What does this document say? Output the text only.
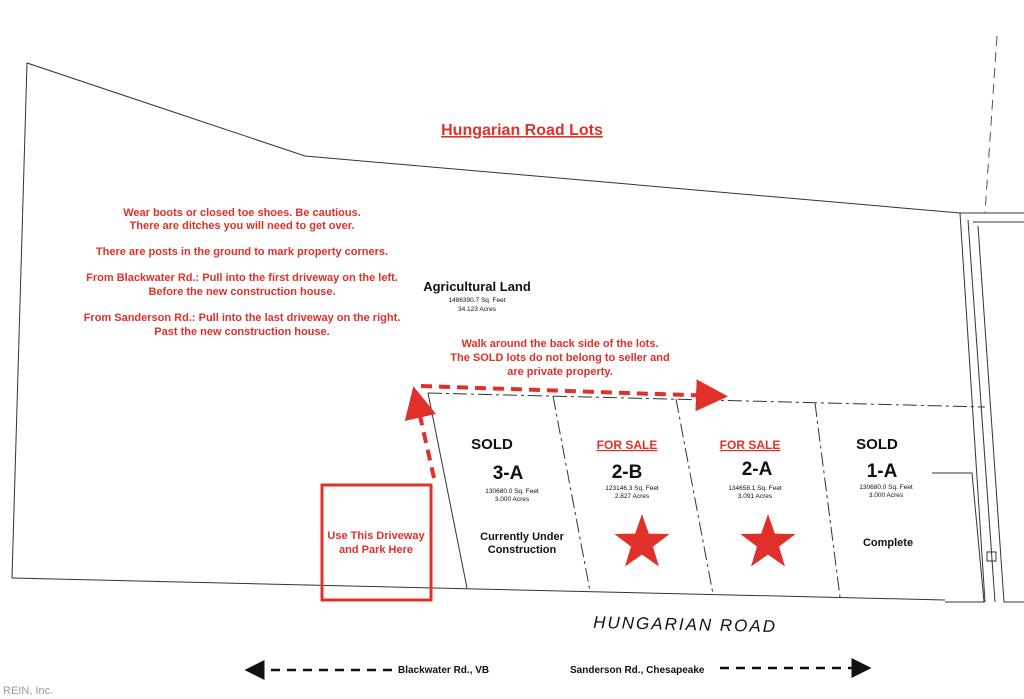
Hungarian Road Lots
Wear boots or closed toe shoes. Be cautious.
There are ditches you will need to get over.
There are posts in the ground to mark property corners.
From Blackwater Rd.: Pull into the first driveway on the left.
Before the new construction house.
From Sanderson Rd.: Pull into the last driveway on the right.
Past the new construction house.
Agricultural Land
1486390.7 Sq. Feet
34.123 Acres
Walk around the back side of the lots.
The SOLD lots do not belong to seller and
are private property.
Use This Driveway
and Park Here
SOLD
3-A
130680.0 Sq. Feet
3.000 Acres
Currently Under
Construction
FOR SALE
2-B
123146.3 Sq. Feet
2.827 Acres
FOR SALE
2-A
134658.1 Sq. Feet
3.091 Acres
SOLD
1-A
130680.0 Sq. Feet
3.000 Acres
Complete
HUNGARIAN ROAD
Blackwater Rd., VB	Sanderson Rd., Chesapeake
REIN, Inc.
